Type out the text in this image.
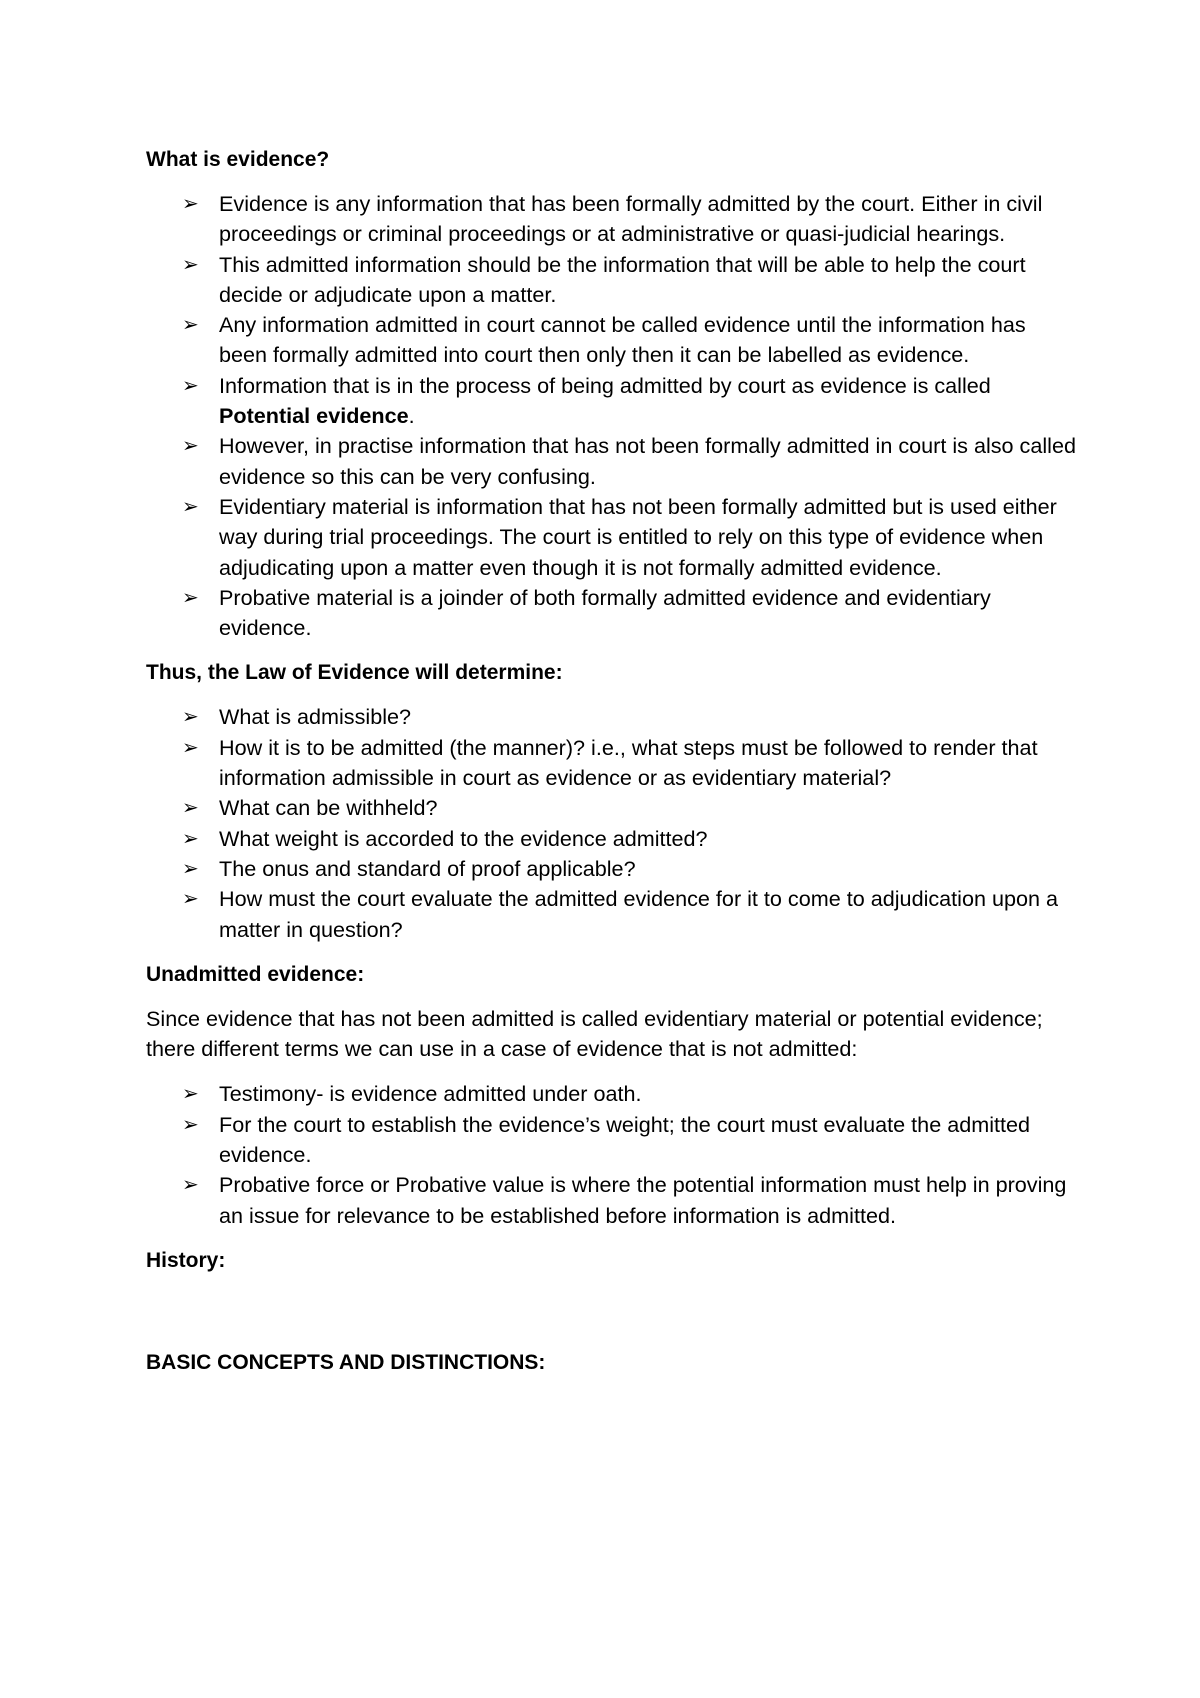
What is evidence?
➢ Evidence is any information that has been formally admitted by the court. Either in civil proceedings or criminal proceedings or at administrative or quasi-judicial hearings.
➢ This admitted information should be the information that will be able to help the court decide or adjudicate upon a matter.
➢ Any information admitted in court cannot be called evidence until the information has been formally admitted into court then only then it can be labelled as evidence.
➢ Information that is in the process of being admitted by court as evidence is called Potential evidence.
➢ However, in practise information that has not been formally admitted in court is also called evidence so this can be very confusing.
➢ Evidentiary material is information that has not been formally admitted but is used either way during trial proceedings. The court is entitled to rely on this type of evidence when adjudicating upon a matter even though it is not formally admitted evidence.
➢ Probative material is a joinder of both formally admitted evidence and evidentiary evidence.
Thus, the Law of Evidence will determine:
➢ What is admissible?
➢ How it is to be admitted (the manner)? i.e., what steps must be followed to render that information admissible in court as evidence or as evidentiary material?
➢ What can be withheld?
➢ What weight is accorded to the evidence admitted?
➢ The onus and standard of proof applicable?
➢ How must the court evaluate the admitted evidence for it to come to adjudication upon a matter in question?
Unadmitted evidence:
Since evidence that has not been admitted is called evidentiary material or potential evidence; there different terms we can use in a case of evidence that is not admitted:
➢ Testimony- is evidence admitted under oath.
➢ For the court to establish the evidence’s weight; the court must evaluate the admitted evidence.
➢ Probative force or Probative value is where the potential information must help in proving an issue for relevance to be established before information is admitted.
History:
BASIC CONCEPTS AND DISTINCTIONS:
